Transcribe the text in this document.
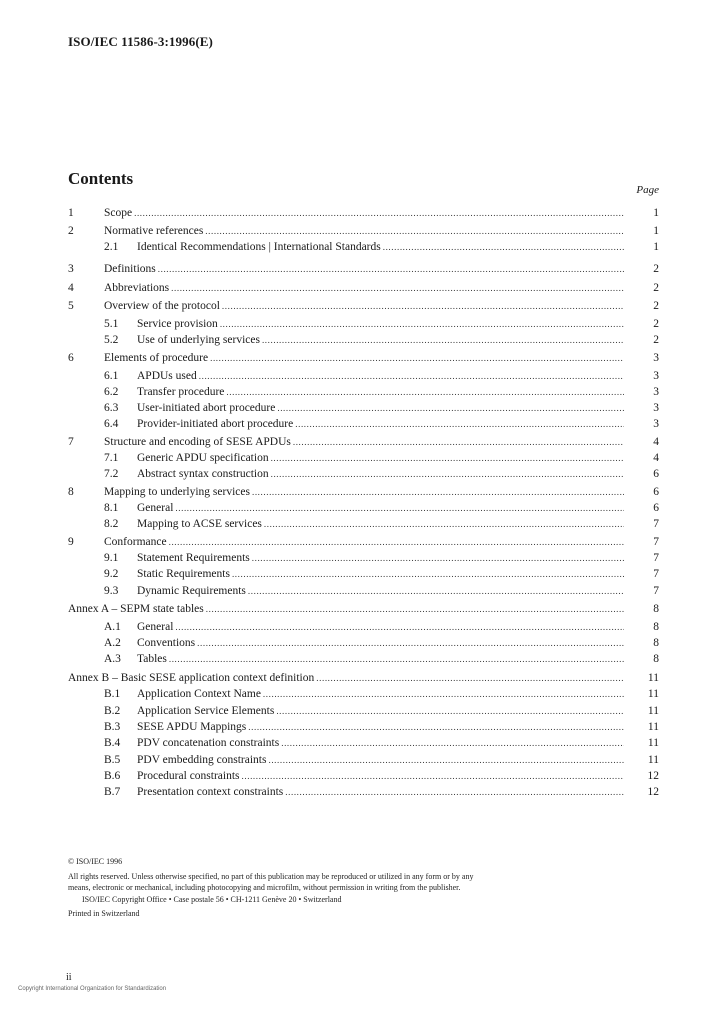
ISO/IEC 11586-3:1996(E)
Contents
Page
1	Scope .....	1
2	Normative references .....	1
2.1 Identical Recommendations | International Standards .....	1
3	Definitions .....	2
4	Abbreviations .....	2
5	Overview of the protocol .....	2
5.1 Service provision .....	2
5.2 Use of underlying services .....	2
6	Elements of procedure .....	3
6.1 APDUs used .....	3
6.2 Transfer procedure .....	3
6.3 User-initiated abort procedure .....	3
6.4 Provider-initiated abort procedure .....	3
7	Structure and encoding of SESE APDUs .....	4
7.1 Generic APDU specification .....	4
7.2 Abstract syntax construction .....	6
8	Mapping to underlying services .....	6
8.1 General .....	6
8.2 Mapping to ACSE services .....	7
9	Conformance .....	7
9.1 Statement Requirements .....	7
9.2 Static Requirements .....	7
9.3 Dynamic Requirements .....	7
Annex A – SEPM state tables .....	8
A.1 General .....	8
A.2 Conventions .....	8
A.3 Tables .....	8
Annex B – Basic SESE application context definition .....	11
B.1 Application Context Name .....	11
B.2 Application Service Elements .....	11
B.3 SESE APDU Mappings .....	11
B.4 PDV concatenation constraints .....	11
B.5 PDV embedding constraints .....	11
B.6 Procedural constraints .....	12
B.7 Presentation context constraints .....	12

© ISO/IEC 1996

All rights reserved. Unless otherwise specified, no part of this publication may be reproduced or utilized in any form or by any means, electronic or mechanical, including photocopying and microfilm, without permission in writing from the publisher.

ISO/IEC Copyright Office • Case postale 56 • CH-1211 Genève 20 • Switzerland

Printed in Switzerland

ii
Copyright International Organization for Standardization
